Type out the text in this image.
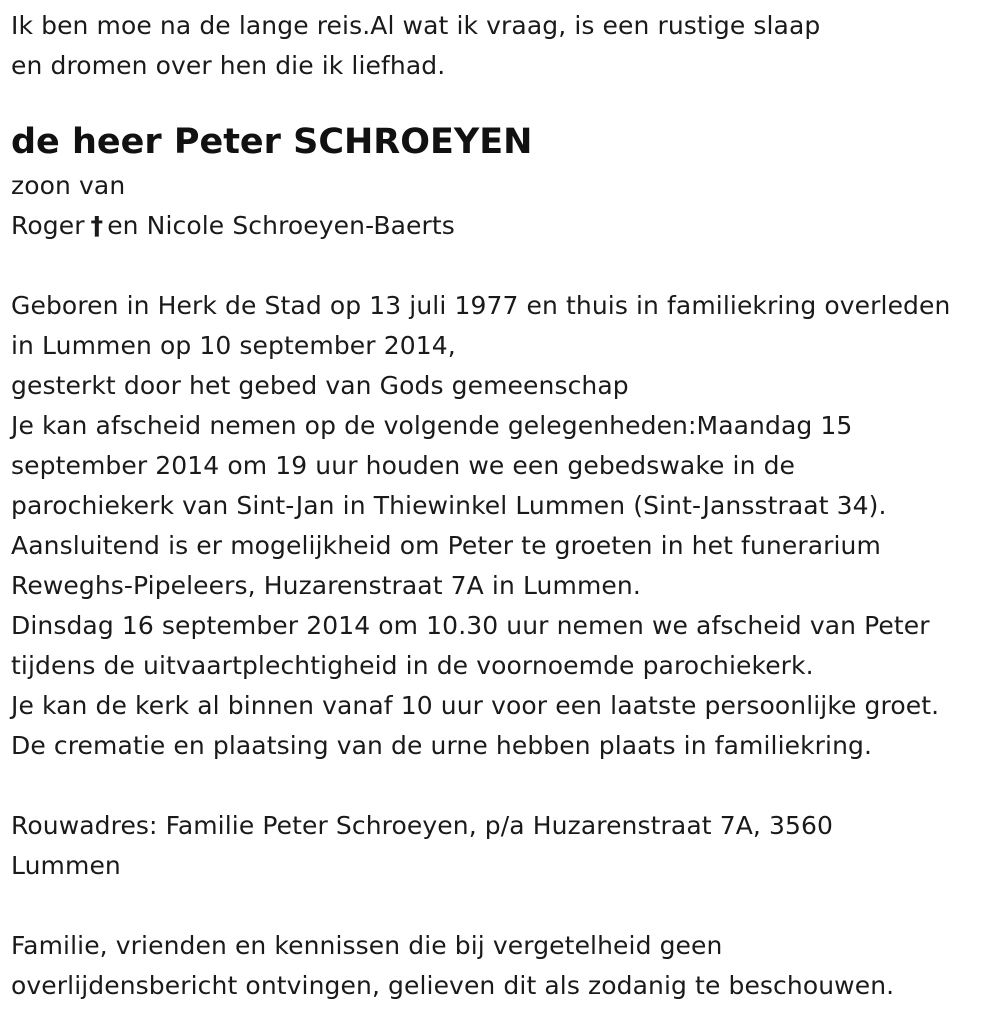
Ik ben moe na de lange reis.Al wat ik vraag, is een rustige slaap
en dromen over hen die ik liefhad.
de heer Peter SCHROEYEN
zoon van
Roger † en Nicole Schroeyen-Baerts
Geboren in Herk de Stad op 13 juli 1977 en thuis in familiekring overleden
in Lummen op 10 september 2014,
gesterkt door het gebed van Gods gemeenschap
Je kan afscheid nemen op de volgende gelegenheden:Maandag 15
september 2014 om 19 uur houden we een gebedswake in de
parochiekerk van Sint-Jan in Thiewinkel Lummen (Sint-Jansstraat 34).
Aansluitend is er mogelijkheid om Peter te groeten in het funerarium
Reweghs-Pipeleers, Huzarenstraat 7A in Lummen.
Dinsdag 16 september 2014 om 10.30 uur nemen we afscheid van Peter
tijdens de uitvaartplechtigheid in de voornoemde parochiekerk.
Je kan de kerk al binnen vanaf 10 uur voor een laatste persoonlijke groet.
De crematie en plaatsing van de urne hebben plaats in familiekring.
Rouwadres: Familie Peter Schroeyen, p/a Huzarenstraat 7A, 3560
Lummen
Familie, vrienden en kennissen die bij vergetelheid geen
overlijdensbericht ontvingen, gelieven dit als zodanig te beschouwen.
